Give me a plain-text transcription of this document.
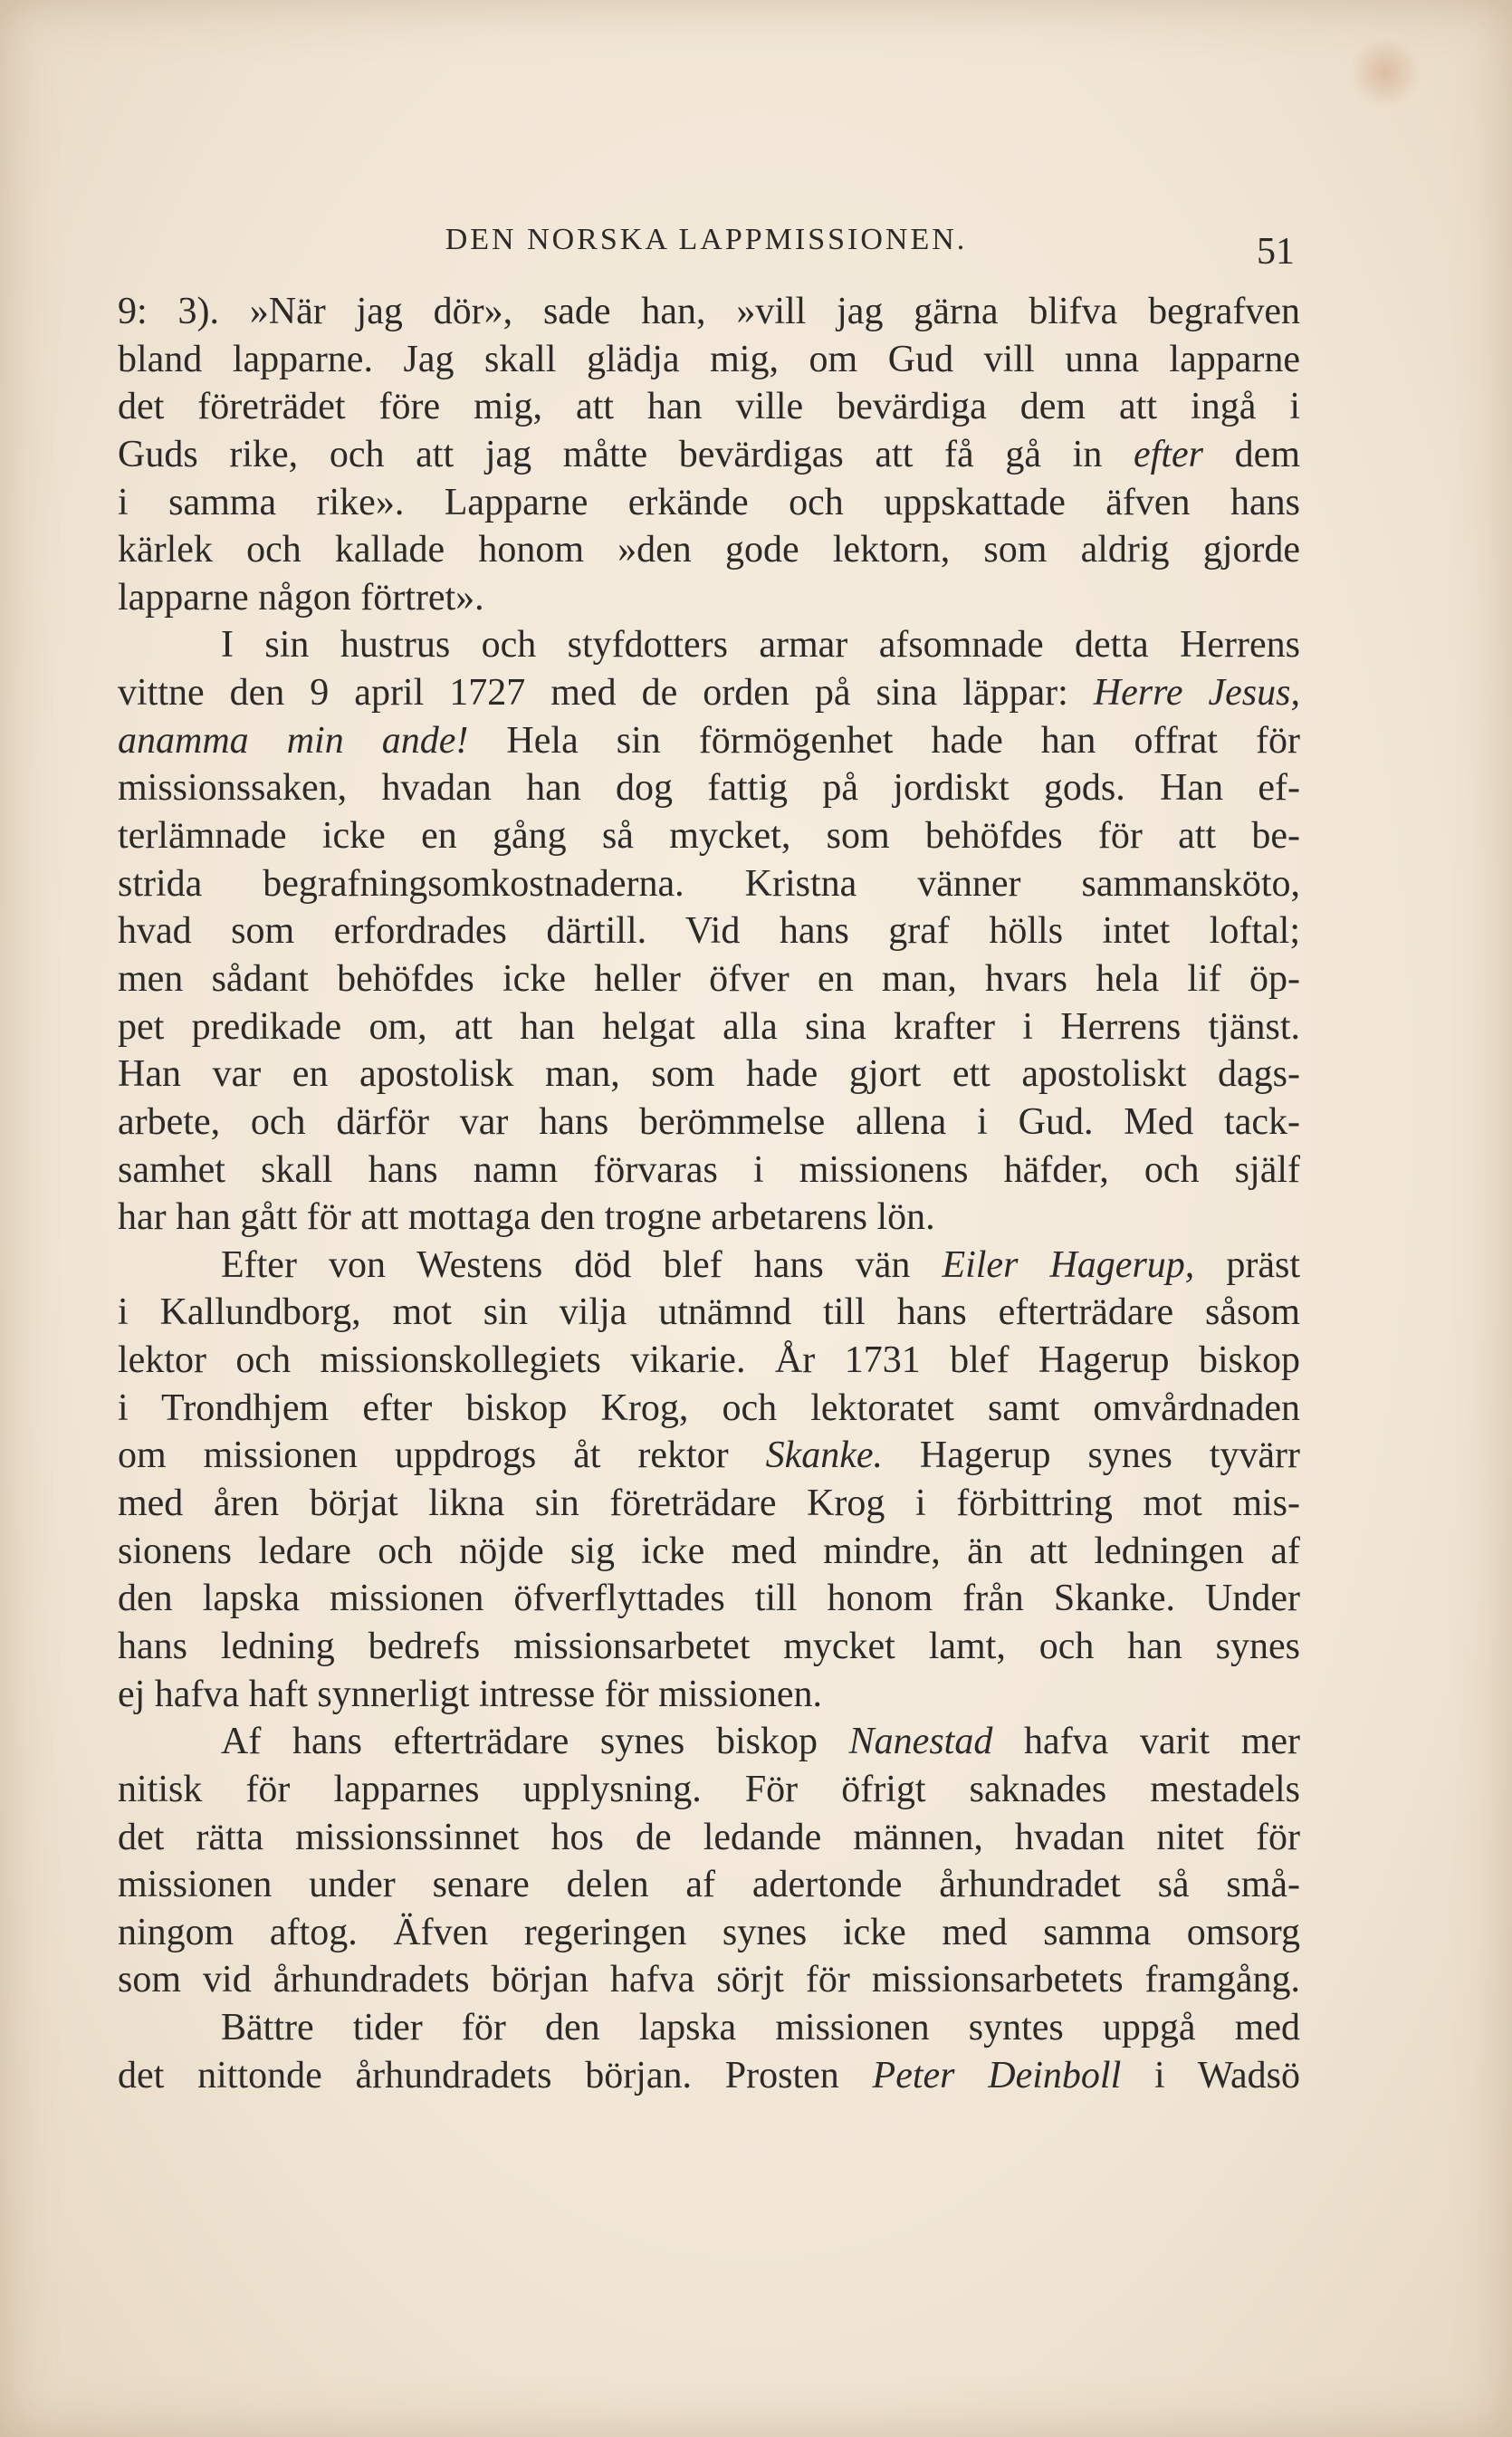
DEN NORSKA LAPPMISSIONEN.	51
9: 3). »När jag dör», sade han, »vill jag gärna blifva begrafven
bland lapparne. Jag skall glädja mig, om Gud vill unna lapparne
det företrädet före mig, att han ville bevärdiga dem att ingå i
Guds rike, och att jag måtte bevärdigas att få gå in efter dem
i samma rike». Lapparne erkände och uppskattade äfven hans
kärlek och kallade honom »den gode lektorn, som aldrig gjorde
lapparne någon förtret».
I sin hustrus och styfdotters armar afsomnade detta Herrens
vittne den 9 april 1727 med de orden på sina läppar: Herre Jesus,
anamma min ande! Hela sin förmögenhet hade han offrat för
missionssaken, hvadan han dog fattig på jordiskt gods. Han ef-
terlämnade icke en gång så mycket, som behöfdes för att be-
strida begrafningsomkostnaderna. Kristna vänner sammansköto,
hvad som erfordrades därtill. Vid hans graf hölls intet loftal;
men sådant behöfdes icke heller öfver en man, hvars hela lif öp-
pet predikade om, att han helgat alla sina krafter i Herrens tjänst.
Han var en apostolisk man, som hade gjort ett apostoliskt dags-
arbete, och därför var hans berömmelse allena i Gud. Med tack-
samhet skall hans namn förvaras i missionens häfder, och själf
har han gått för att mottaga den trogne arbetarens lön.
Efter von Westens död blef hans vän Eiler Hagerup, präst
i Kallundborg, mot sin vilja utnämnd till hans efterträdare såsom
lektor och missionskollegiets vikarie. År 1731 blef Hagerup biskop
i Trondhjem efter biskop Krog, och lektoratet samt omvårdnaden
om missionen uppdrogs åt rektor Skanke. Hagerup synes tyvärr
med åren börjat likna sin företrädare Krog i förbittring mot mis-
sionens ledare och nöjde sig icke med mindre, än att ledningen af
den lapska missionen öfverflyttades till honom från Skanke. Under
hans ledning bedrefs missionsarbetet mycket lamt, och han synes
ej hafva haft synnerligt intresse för missionen.
Af hans efterträdare synes biskop Nanestad hafva varit mer
nitisk för lapparnes upplysning. För öfrigt saknades mestadels
det rätta missionssinnet hos de ledande männen, hvadan nitet för
missionen under senare delen af adertonde århundradet så små-
ningom aftog. Äfven regeringen synes icke med samma omsorg
som vid århundradets början hafva sörjt för missionsarbetets framgång.
Bättre tider för den lapska missionen syntes uppgå med
det nittonde århundradets början. Prosten Peter Deinboll i Wadsö
